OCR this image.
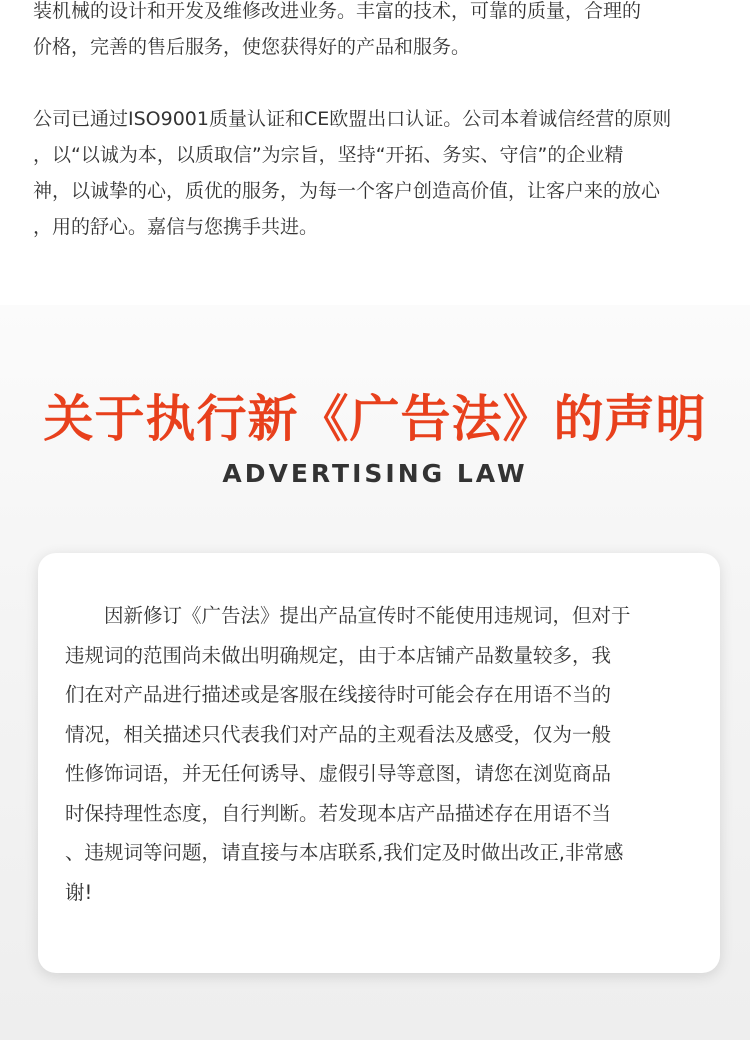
装机械的设计和开发及维修改进业务。丰富的技术，可靠的质量，合理的
价格，完善的售后服务，使您获得好的产品和服务。

公司已通过ISO9001质量认证和CE欧盟出口认证。公司本着诚信经营的原则
，以“以诚为本，以质取信”为宗旨，坚持“开拓、务实、守信”的企业精
神，以诚挚的心，质优的服务，为每一个客户创造高价值，让客户来的放心
，用的舒心。嘉信与您携手共进。

关于执行新《广告法》的声明
ADVERTISING LAW

　　因新修订《广告法》提出产品宣传时不能使用违规词，但对于
违规词的范围尚未做出明确规定，由于本店铺产品数量较多，我
们在对产品进行描述或是客服在线接待时可能会存在用语不当的
情况，相关描述只代表我们对产品的主观看法及感受，仅为一般
性修饰词语，并无任何诱导、虚假引导等意图，请您在浏览商品
时保持理性态度，自行判断。若发现本店产品描述存在用语不当
、违规词等问题，请直接与本店联系,我们定及时做出改正,非常感
谢!
